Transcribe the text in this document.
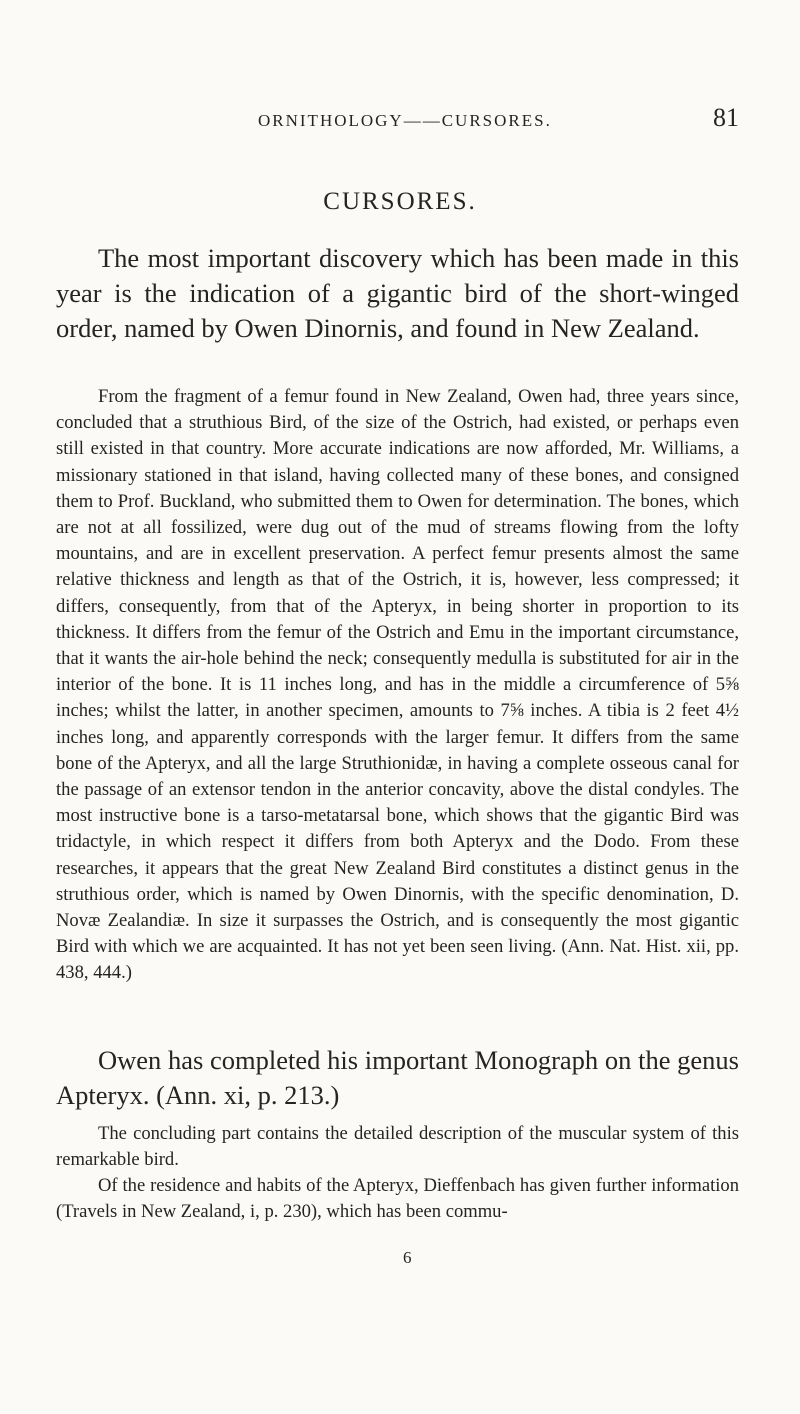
ORNITHOLOGY——CURSORES.	81
CURSORES.

The most important discovery which has been made in this year is the indication of a gigantic bird of the short-winged order, named by Owen Dinornis, and found in New Zealand.

From the fragment of a femur found in New Zealand, Owen had, three years since, concluded that a struthious Bird, of the size of the Ostrich, had existed, or perhaps even still existed in that country. More accurate indications are now afforded, Mr. Williams, a missionary stationed in that island, having collected many of these bones, and consigned them to Prof. Buckland, who submitted them to Owen for determination. The bones, which are not at all fossilized, were dug out of the mud of streams flowing from the lofty mountains, and are in excellent preservation. A perfect femur presents almost the same relative thickness and length as that of the Ostrich, it is, however, less compressed; it differs, consequently, from that of the Apteryx, in being shorter in proportion to its thickness. It differs from the femur of the Ostrich and Emu in the important circumstance, that it wants the air-hole behind the neck; consequently medulla is substituted for air in the interior of the bone. It is 11 inches long, and has in the middle a circumference of 5⅝ inches; whilst the latter, in another specimen, amounts to 7⅝ inches. A tibia is 2 feet 4½ inches long, and apparently corresponds with the larger femur. It differs from the same bone of the Apteryx, and all the large Struthionidæ, in having a complete osseous canal for the passage of an extensor tendon in the anterior concavity, above the distal condyles. The most instructive bone is a tarso-metatarsal bone, which shows that the gigantic Bird was tridactyle, in which respect it differs from both Apteryx and the Dodo. From these researches, it appears that the great New Zealand Bird constitutes a distinct genus in the struthious order, which is named by Owen Dinornis, with the specific denomination, D. Novæ Zealandiæ. In size it surpasses the Ostrich, and is consequently the most gigantic Bird with which we are acquainted. It has not yet been seen living. (Ann. Nat. Hist. xii, pp. 438, 444.)

Owen has completed his important Monograph on the genus Apteryx. (Ann. xi, p. 213.)

The concluding part contains the detailed description of the muscular system of this remarkable bird.

Of the residence and habits of the Apteryx, Dieffenbach has given further information (Travels in New Zealand, i, p. 230), which has been commu-

6
